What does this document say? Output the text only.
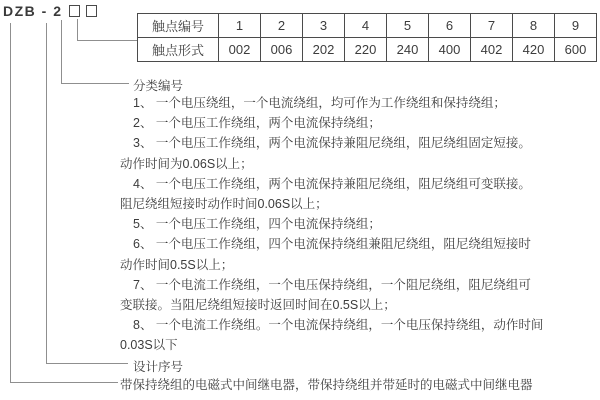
DZB - 2
触点编号	1	2	3	4	5	6	7	8	9
触点形式	002	006	202	220	240	400	402	420	600
分类编号
1、 一个电压绕组，一个电流绕组，均可作为工作绕组和保持绕组；
2、 一个电压工作绕组，两个电流保持绕组；
3、 一个电压工作绕组，两个电流保持兼阻尼绕组，阻尼绕组固定短接。
动作时间为0.06S以上；
4、 一个电压工作绕组，两个电流保持兼阻尼绕组，阻尼绕组可变联接。
阻尼绕组短接时动作时间0.06S以上；
5、 一个电压工作绕组，四个电流保持绕组；
6、 一个电压工作绕组，四个电流保持绕组兼阻尼绕组，阻尼绕组短接时
动作时间0.5S以上；
7、 一个电流工作绕组，一个电压保持绕组，一个阻尼绕组，阻尼绕组可
变联接。当阻尼绕组短接时返回时间在0.5S以上；
8、 一个电流工作绕组。一个电流保持绕组，一个电压保持绕组，动作时间
0.03S以下
设计序号
带保持绕组的电磁式中间继电器，带保持绕组并带延时的电磁式中间继电器
